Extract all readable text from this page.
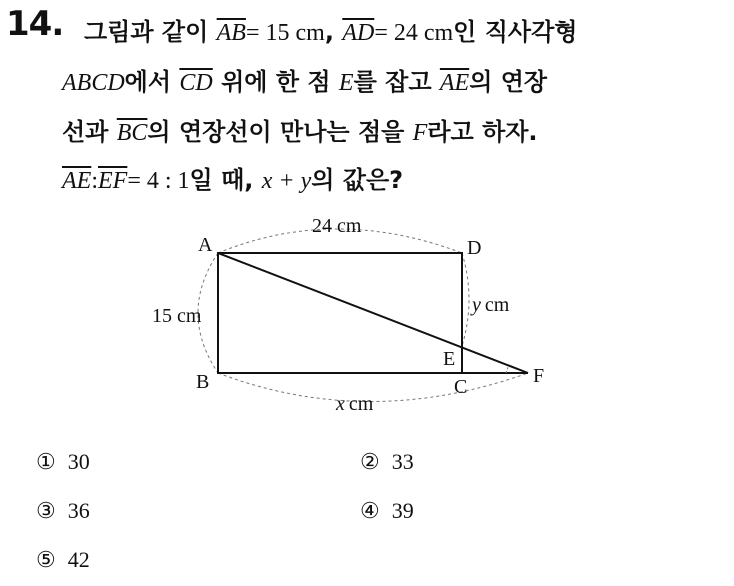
14. 그림과 같이 $\overline{AB}= 15$ cm, $\overline{AD}= 24$ cm인 직사각형
ABCD에서 $\overline{CD}$ 위에 한 점 E를 잡고 $\overline{AE}$의 연장
선과 $\overline{BC}$의 연장선이 만나는 점을 F라고 하자.
$\overline{AE}:\overline{EF}= 4$ : 1일 때, x + y의 값은?
A
B	C
D
E
F
24 cm
15 cm	y cm
x cm
① 30	② 33
③ 36	④ 39
⑤ 42
